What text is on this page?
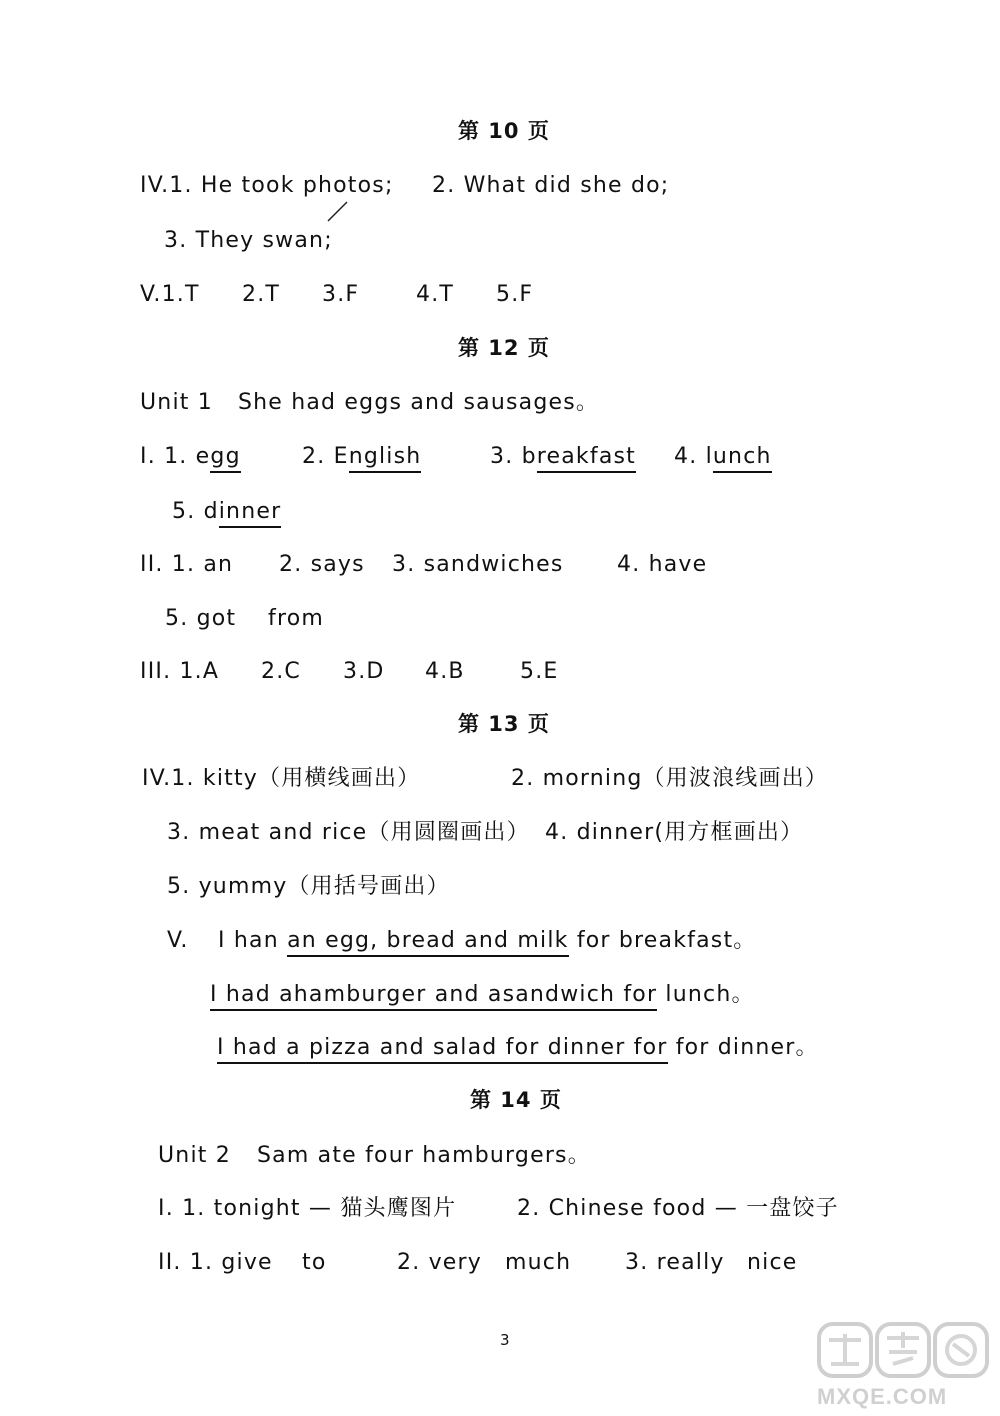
第 10 页
IV.1. He took photos; 2. What did she do;
3. They swan;
V.1.T 2.T 3.F	4.T 5.F
第 12 页
Unit 1 She had eggs and sausages。
I. 1. egg	2. English	3. breakfast 4. lunch
5. dinner
II. 1. an 2. says 3. sandwiches 4. have
5. got from
III. 1.A 2.C 3.D 4.B	5.E
第 13 页
IV.1. kitty（用横线画出）	2. morning（用波浪线画出）
3. meat and rice（用圆圈画出） 4. dinner(用方框画出）
5. yummy（用括号画出）
V. I han an egg, bread and milk for breakfast。
I had ahamburger and asandwich for lunch。
I had a pizza and salad for dinner for for dinner。
第 14 页
Unit 2 Sam ate four hamburgers。
I. 1. tonight — 猫头鹰图片	2. Chinese food — 一盘饺子
II. 1. give to	2. very much 3. really nice
3
MXQE.COM
